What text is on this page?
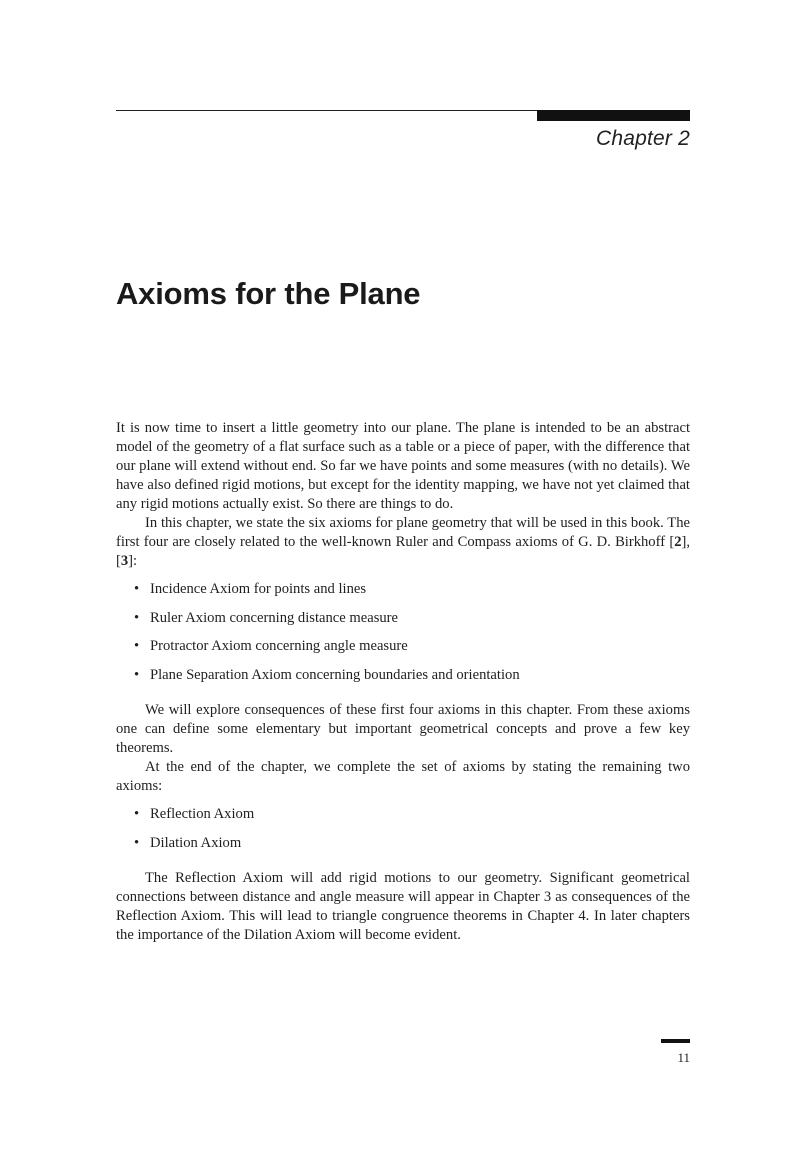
Chapter 2
Axioms for the Plane

It is now time to insert a little geometry into our plane. The plane is intended to be an abstract model of the geometry of a flat surface such as a table or a piece of paper, with the difference that our plane will extend without end. So far we have points and some measures (with no details). We have also defined rigid motions, but except for the identity mapping, we have not yet claimed that any rigid motions actually exist. So there are things to do.

In this chapter, we state the six axioms for plane geometry that will be used in this book. The first four are closely related to the well-known Ruler and Compass axioms of G. D. Birkhoff [2], [3]:

• Incidence Axiom for points and lines
• Ruler Axiom concerning distance measure
• Protractor Axiom concerning angle measure
• Plane Separation Axiom concerning boundaries and orientation

We will explore consequences of these first four axioms in this chapter. From these axioms one can define some elementary but important geometrical concepts and prove a few key theorems.

At the end of the chapter, we complete the set of axioms by stating the remaining two axioms:

• Reflection Axiom
• Dilation Axiom

The Reflection Axiom will add rigid motions to our geometry. Significant geometrical connections between distance and angle measure will appear in Chapter 3 as consequences of the Reflection Axiom. This will lead to triangle congruence theorems in Chapter 4. In later chapters the importance of the Dilation Axiom will become evident.

11
